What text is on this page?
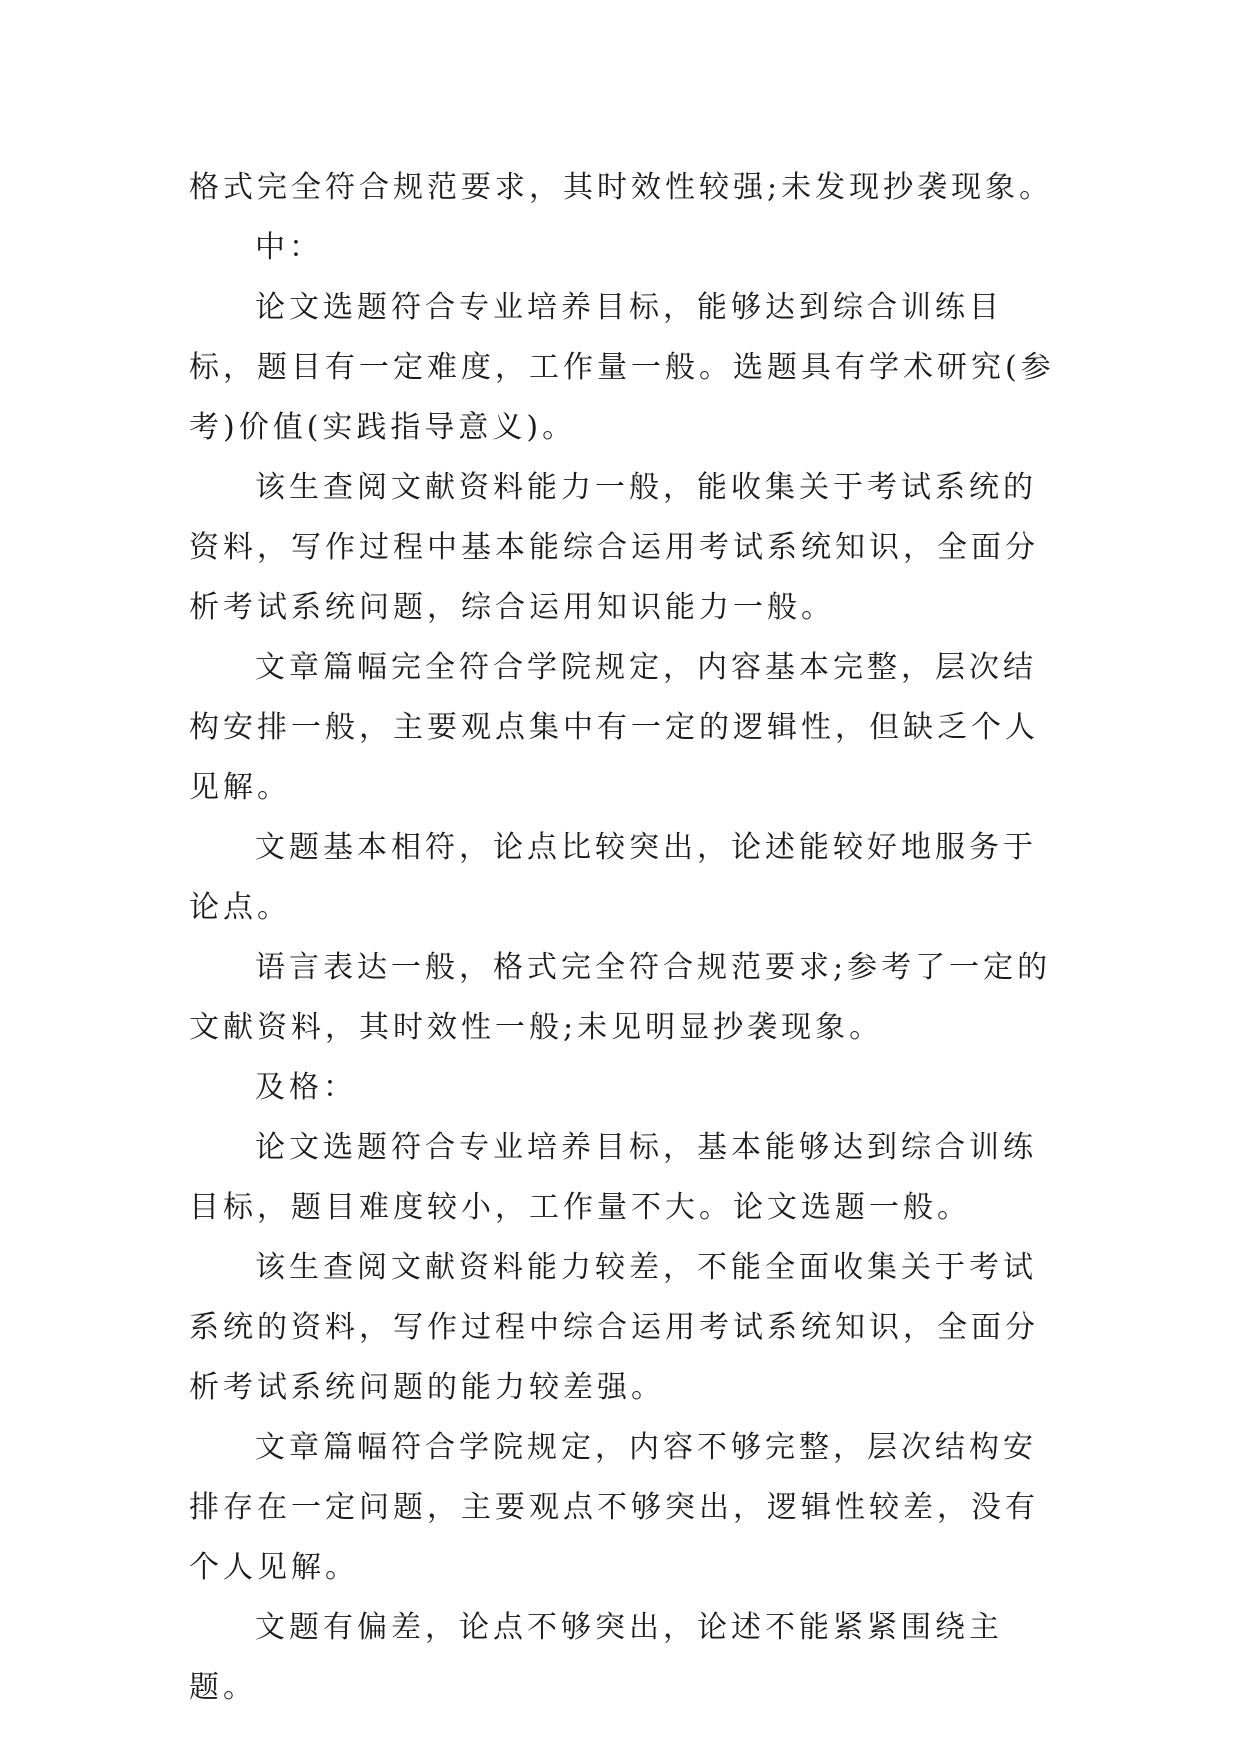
格式完全符合规范要求，其时效性较强;未发现抄袭现象。

中：

论文选题符合专业培养目标，能够达到综合训练目标，题目有一定难度，工作量一般。选题具有学术研究(参考)价值(实践指导意义)。

该生查阅文献资料能力一般，能收集关于考试系统的资料，写作过程中基本能综合运用考试系统知识，全面分析考试系统问题，综合运用知识能力一般。

文章篇幅完全符合学院规定，内容基本完整，层次结构安排一般，主要观点集中有一定的逻辑性，但缺乏个人见解。

文题基本相符，论点比较突出，论述能较好地服务于论点。

语言表达一般，格式完全符合规范要求;参考了一定的文献资料，其时效性一般;未见明显抄袭现象。

及格：

论文选题符合专业培养目标，基本能够达到综合训练目标，题目难度较小，工作量不大。论文选题一般。

该生查阅文献资料能力较差，不能全面收集关于考试系统的资料，写作过程中综合运用考试系统知识，全面分析考试系统问题的能力较差强。

文章篇幅符合学院规定，内容不够完整，层次结构安排存在一定问题，主要观点不够突出，逻辑性较差，没有个人见解。

文题有偏差，论点不够突出，论述不能紧紧围绕主题。
